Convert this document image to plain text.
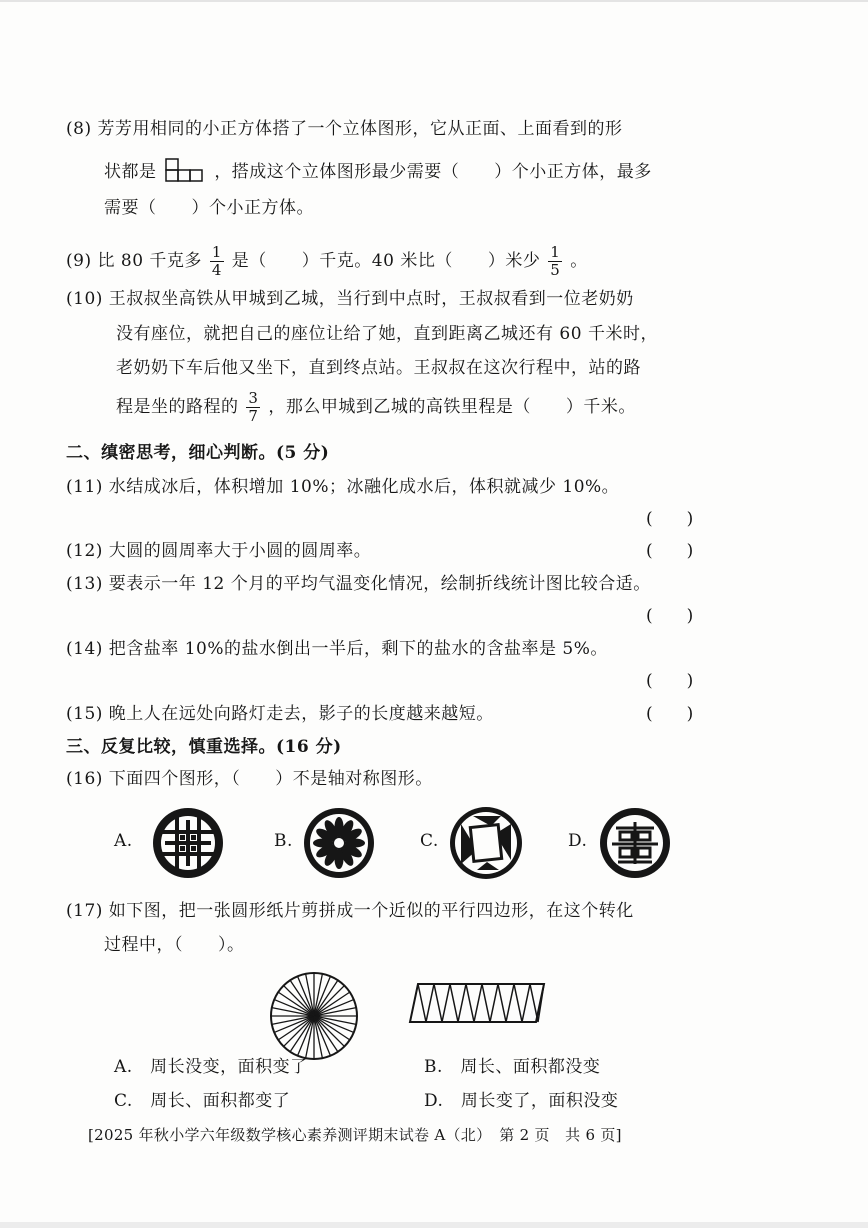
(8) 芳芳用相同的小正方体搭了一个立体图形，它从正面、上面看到的形
状都是	，搭成这个立体图形最少需要（　　）个小正方体，最多
需要（　　）个小正方体。
(9) 比 80 千克多 $\frac{1}{4}$ 是（　　）千克。40 米比（　　）米少 $\frac{1}{5}$ 。
(10) 王叔叔坐高铁从甲城到乙城，当行到中点时，王叔叔看到一位老奶奶
没有座位，就把自己的座位让给了她，直到距离乙城还有 60 千米时，
老奶奶下车后他又坐下，直到终点站。王叔叔在这次行程中，站的路
程是坐的路程的 $\frac{3}{7}$ ，那么甲城到乙城的高铁里程是（　　）千米。
二、缜密思考，细心判断。(5 分)
(11) 水结成冰后，体积增加 10%；冰融化成水后，体积就减少 10%。
(　　)
(12) 大圆的圆周率大于小圆的圆周率。	(　　)
(13) 要表示一年 12 个月的平均气温变化情况，绘制折线统计图比较合适。
(　　)
(14) 把含盐率 10%的盐水倒出一半后，剩下的盐水的含盐率是 5%。
(　　)
(15) 晚上人在远处向路灯走去，影子的长度越来越短。	(　　)
三、反复比较，慎重选择。(16 分)
(16) 下面四个图形，（　　）不是轴对称图形。
A.	B.	C.	D.
(17) 如下图，把一张圆形纸片剪拼成一个近似的平行四边形，在这个转化
过程中，（　　）。
A.　周长没变，面积变了	B.　周长、面积都没变
C.　周长、面积都变了	D.　周长变了，面积没变
[2025 年秋小学六年级数学核心素养测评期末试卷 A（北）　第 2 页　共 6 页]
